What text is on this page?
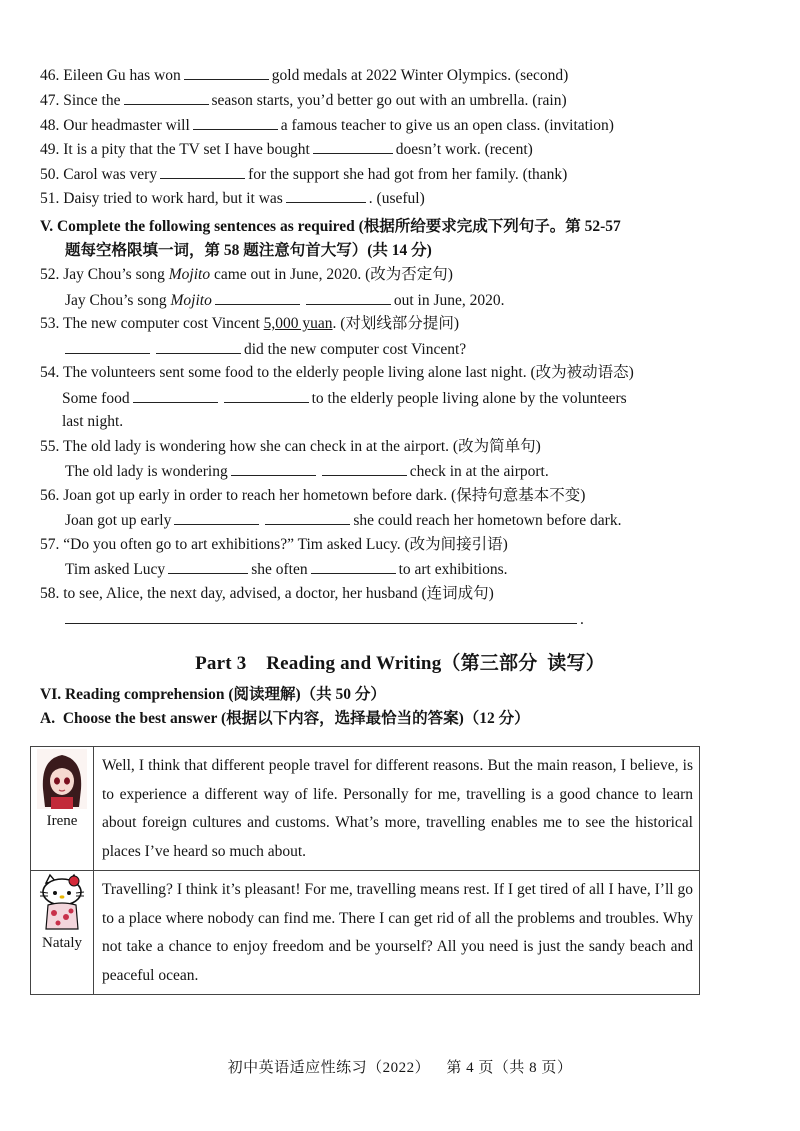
46. Eileen Gu has won	gold medals at 2022 Winter Olympics. (second)
47. Since the	season starts, you’d better go out with an umbrella. (rain)
48. Our headmaster will	a famous teacher to give us an open class. (invitation)
49. It is a pity that the TV set I have bought	doesn’t work. (recent)
50. Carol was very	for the support she had got from her family. (thank)
51. Daisy tried to work hard, but it was	. (useful)
V. Complete the following sentences as required (根据所给要求完成下列句子。第 52-57
题每空格限填一词，第 58 题注意句首大写）(共 14 分)
52. Jay Chou’s song Mojito came out in June, 2020. (改为否定句)
Jay Chou’s song Mojito	out in June, 2020.
53. The new computer cost Vincent 5,000 yuan. (对划线部分提问)
did the new computer cost Vincent?
54. The volunteers sent some food to the elderly people living alone last night. (改为被动语态)
Some food	to the elderly people living alone by the volunteers
last night.
55. The old lady is wondering how she can check in at the airport. (改为简单句)
The old lady is wondering	check in at the airport.
56. Joan got up early in order to reach her hometown before dark. (保持句意基本不变)
Joan got up early	she could reach her hometown before dark.
57. “Do you often go to art exhibitions?” Tim asked Lucy. (改为间接引语)
Tim asked Lucy	she often	to art exhibitions.
58. to see, Alice, the next day, advised, a doctor, her husband (连词成句)
.
Part 3    Reading and Writing（第三部分  读写）
VI. Reading comprehension (阅读理解)（共 50 分）
A.  Choose the best answer (根据以下内容，选择最恰当的答案)（12 分）
Irene	Well, I think that different people travel for different reasons. But the main reason, I believe, is to experience a different way of life. Personally for me, travelling is a good chance to learn about foreign cultures and customs. What’s more, travelling enables me to see the historical places I’ve heard so much about.

Nataly	Travelling? I think it’s pleasant! For me, travelling means rest. If I get tired of all I have, I’ll go to a place where nobody can find me. There I can get rid of all the problems and troubles. Why not take a chance to enjoy freedom and be yourself? All you need is just the sandy beach and peaceful ocean.
初中英语适应性练习（2022） 第 4 页（共 8 页）
